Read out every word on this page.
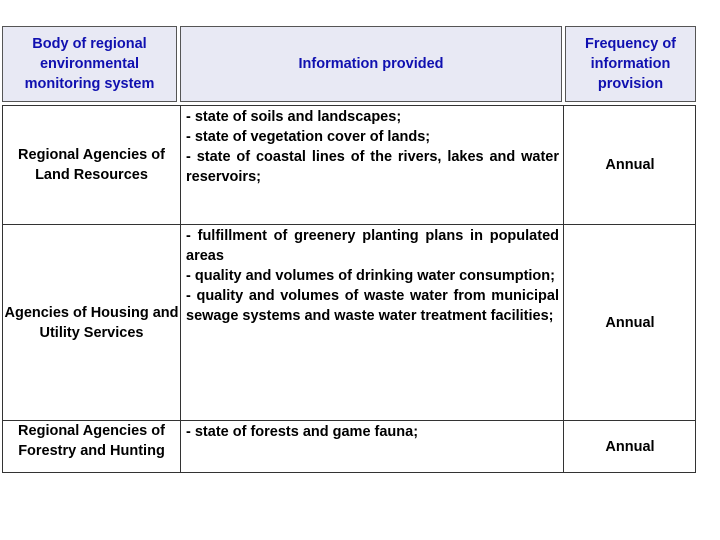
Body of regional environmental monitoring system
Information provided
Frequency of information provision
Regional Agencies of Land Resources
- state of soils and landscapes;
- state of vegetation cover of lands;
- state of coastal lines of the rivers, lakes and water reservoirs;
Annual
Agencies of Housing and Utility Services
- fulfillment of greenery planting plans in populated areas
- quality and volumes of drinking water consumption;
- quality and volumes of waste water from municipal sewage systems and waste water treatment facilities;	Annual
Regional Agencies of Forestry and Hunting
- state of forests and game fauna;
Annual
